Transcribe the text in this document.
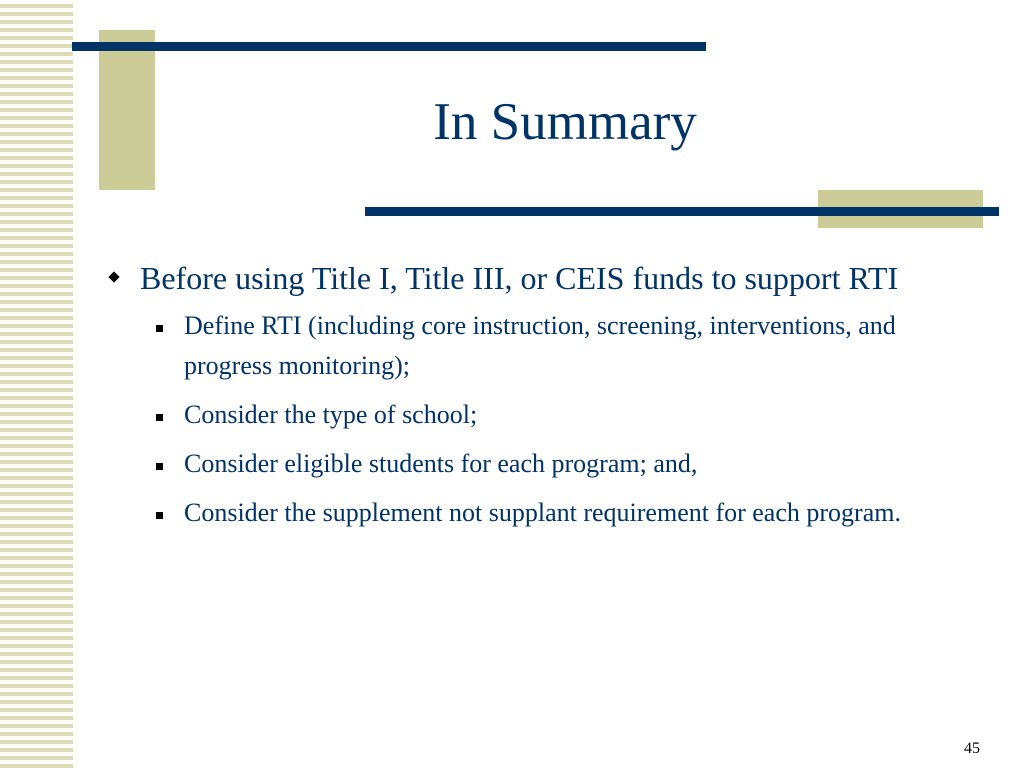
In Summary
Before using Title I, Title III, or CEIS funds to support RTI
Define RTI (including core instruction, screening, interventions, and progress monitoring);
Consider the type of school;
Consider eligible students for each program; and,
Consider the supplement not supplant requirement for each program.
45
